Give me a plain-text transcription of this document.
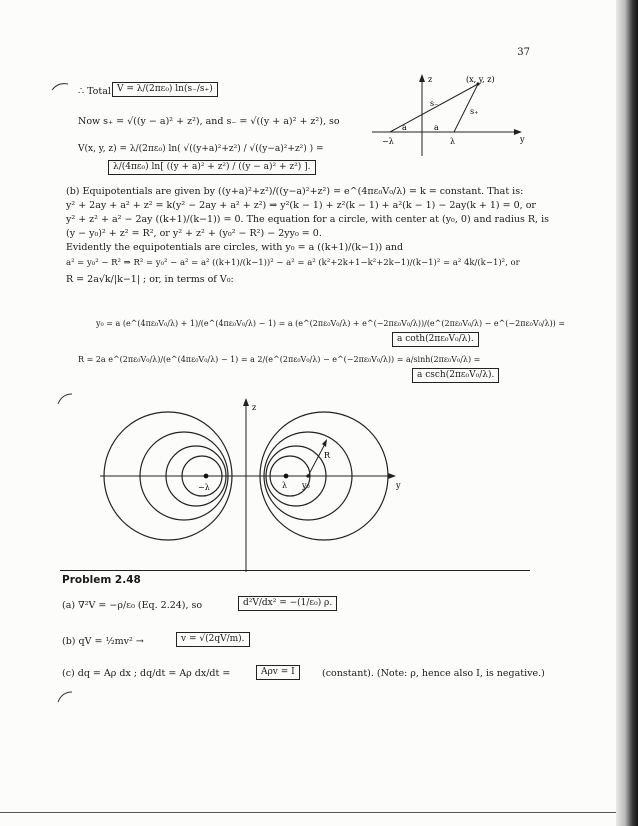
37
∴ Total V = λ/(2πε₀) ln(s₋/s₊)
Now s₊ = √((y − a)² + z²), and s₋ = √((y + a)² + z²), so
V(x, y, z) = λ/(2πε₀) ln( √((y+a)²+z²) / √((y−a)²+z²) ) =
λ/(4πε₀) ln[ ((y + a)² + z²) / ((y − a)² + z²) ].
z
y
(x, y, z)
s₋
s₊
a	a
−λ	λ
(b) Equipotentials are given by ((y+a)²+z²)/((y−a)²+z²) = e^(4πε₀V₀/λ) = k = constant. That is:
y² + 2ay + a² + z² = k(y² − 2ay + a² + z²) ⇒ y²(k − 1) + z²(k − 1) + a²(k − 1) − 2ay(k + 1) = 0, or
y² + z² + a² − 2ay ((k+1)/(k−1)) = 0. The equation for a circle, with center at (y₀, 0) and radius R, is
(y − y₀)² + z² = R², or y² + z² + (y₀² − R²) − 2yy₀ = 0.
Evidently the equipotentials are circles, with y₀ = a ((k+1)/(k−1)) and
a² = y₀² − R² ⇒ R² = y₀² − a² = a² ((k+1)/(k−1))² − a² = a² (k²+2k+1−k²+2k−1)/(k−1)² = a² 4k/(k−1)², or
R = 2a√k/|k−1| ; or, in terms of V₀:
y₀ = a (e^(4πε₀V₀/λ) + 1)/(e^(4πε₀V₀/λ) − 1) = a (e^(2πε₀V₀/λ) + e^(−2πε₀V₀/λ))/(e^(2πε₀V₀/λ) − e^(−2πε₀V₀/λ)) =
a coth(2πε₀V₀/λ).
R = 2a e^(2πε₀V₀/λ)/(e^(4πε₀V₀/λ) − 1) = a 2/(e^(2πε₀V₀/λ) − e^(−2πε₀V₀/λ)) = a/sinh(2πε₀V₀/λ) =
a csch(2πε₀V₀/λ).
z
y
−λ	λ y₀
R
Problem 2.48
(a) ∇²V = −ρ/ε₀ (Eq. 2.24), so	d²V/dx² = −(1/ε₀) ρ.
(b) qV = ½mv² →	v = √(2qV/m).
(c) dq = Aρ dx ; dq/dt = Aρ dx/dt =	Aρv = I	(constant). (Note: ρ, hence also I, is negative.)
